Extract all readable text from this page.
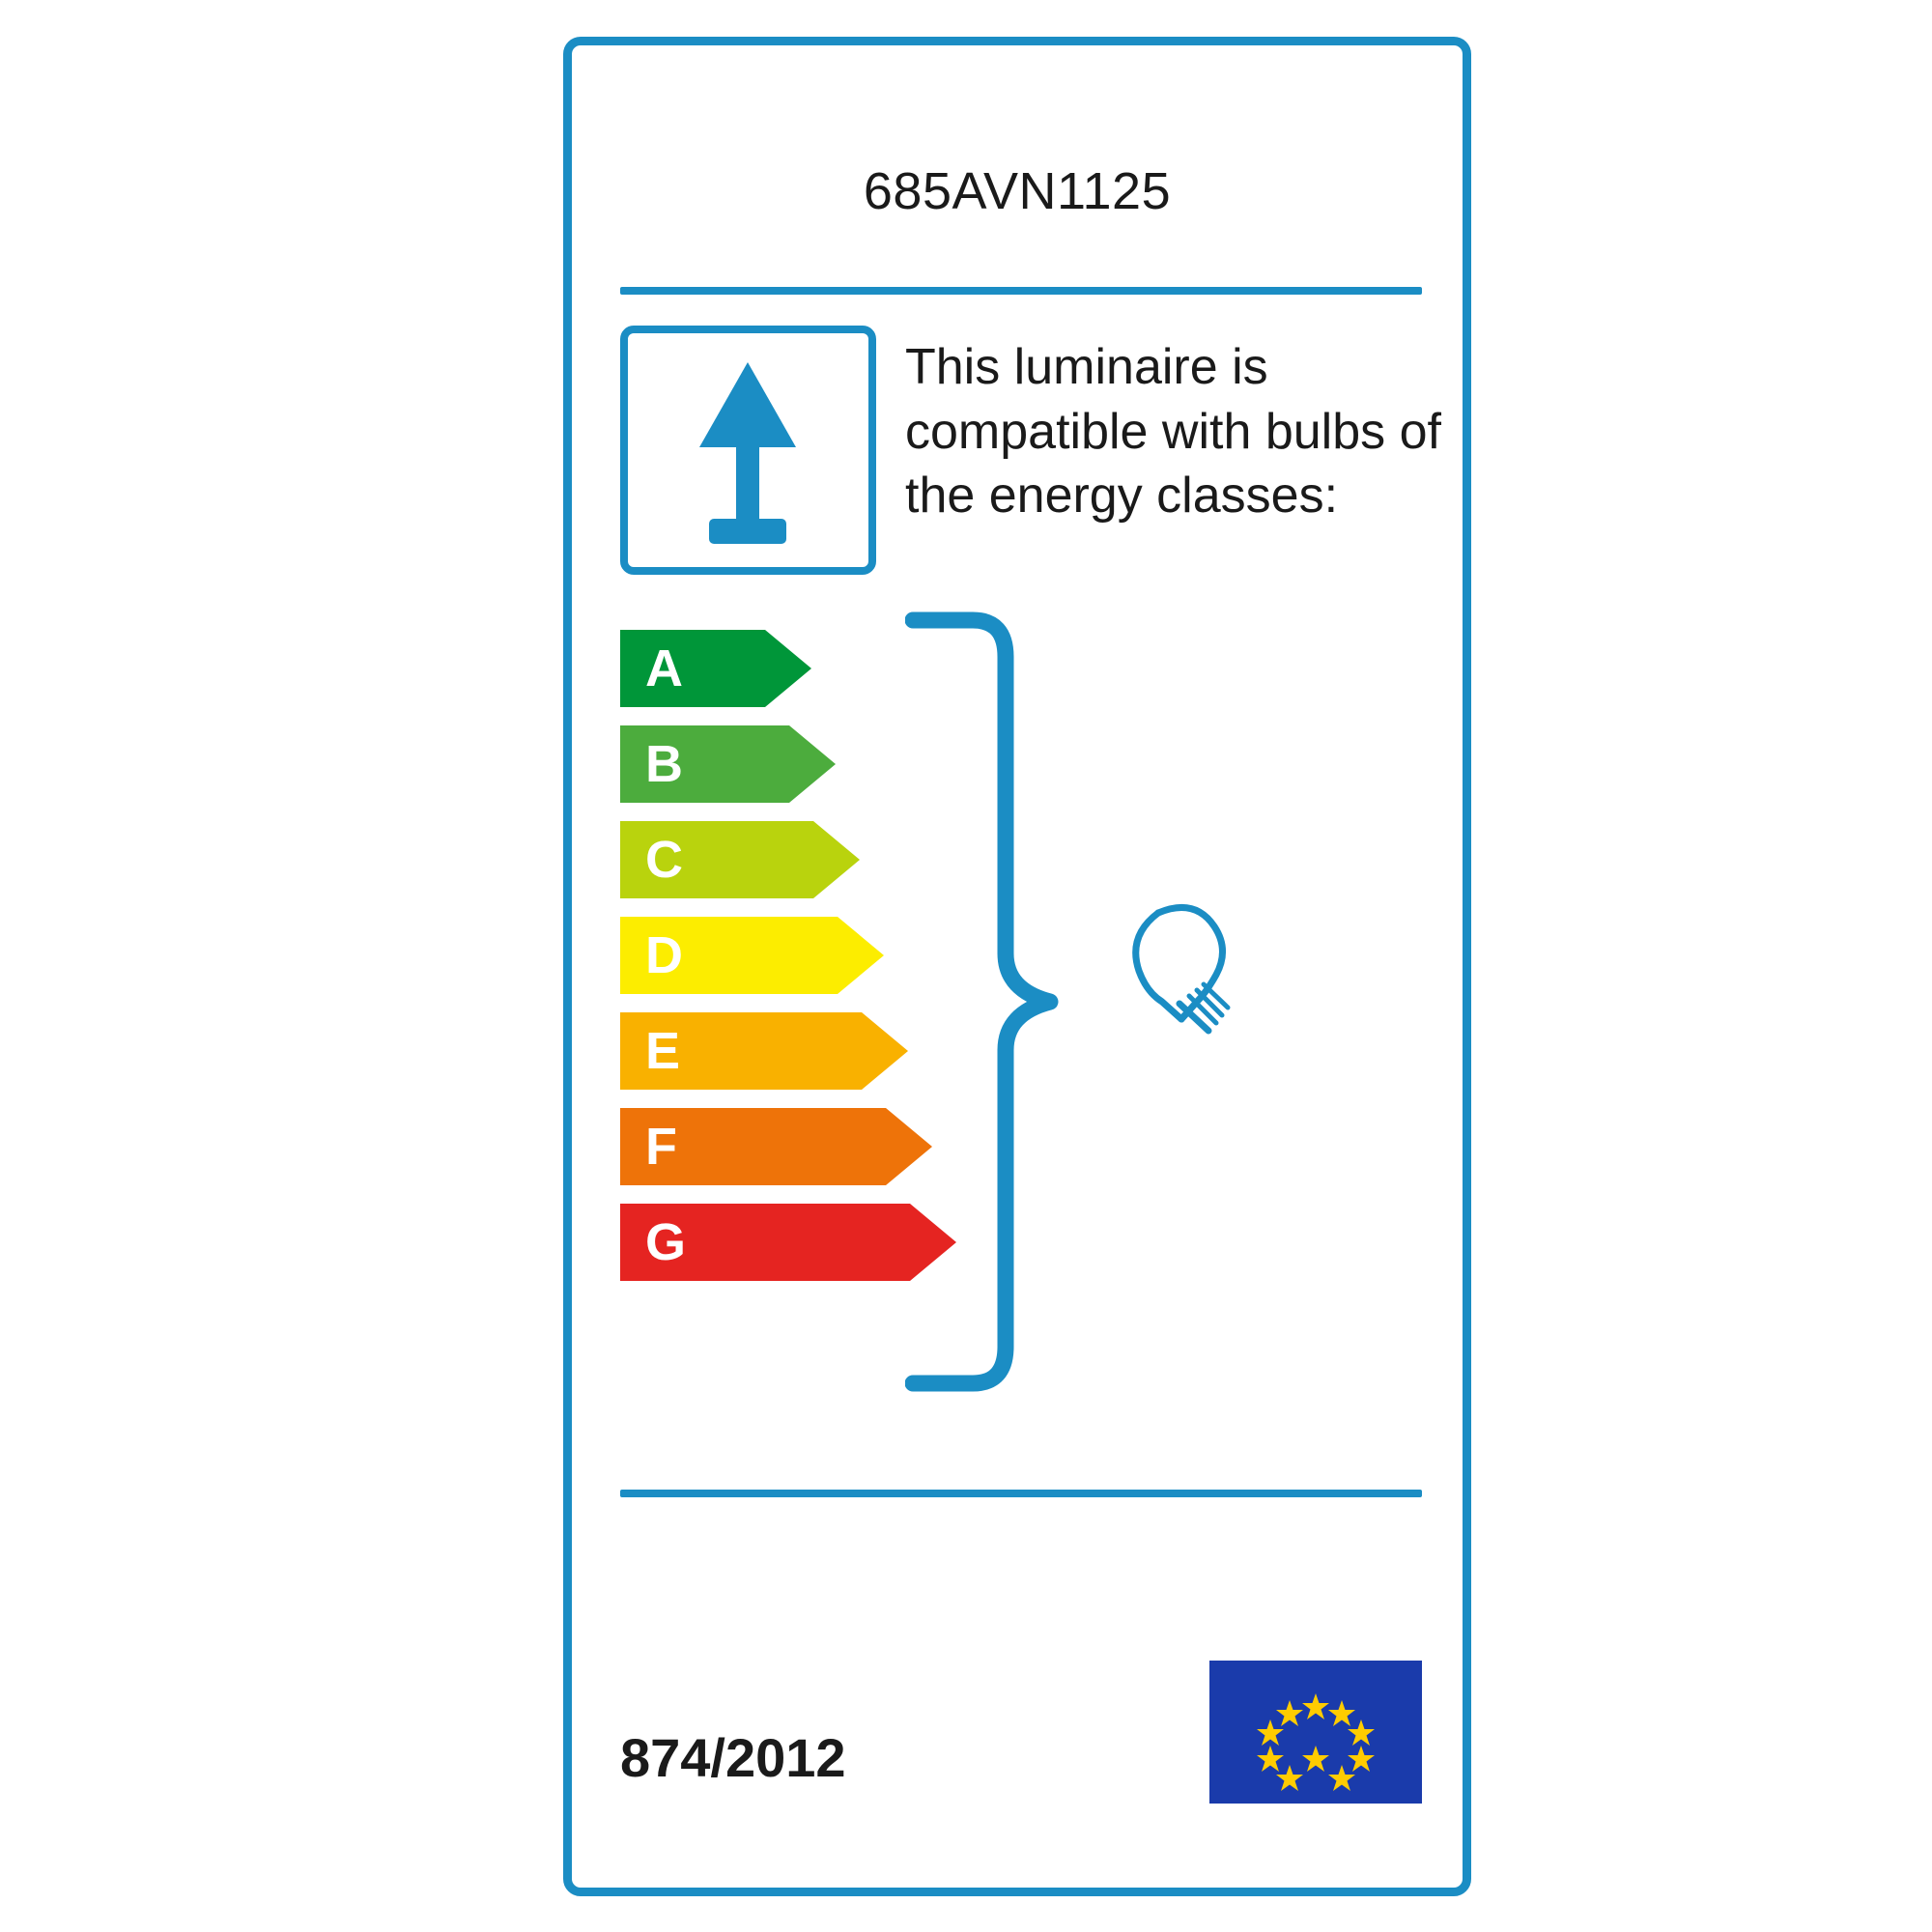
685AVN1125
This luminaire is compatible with bulbs of the energy classes:
A
B
C
D
E
F
G
874/2012
